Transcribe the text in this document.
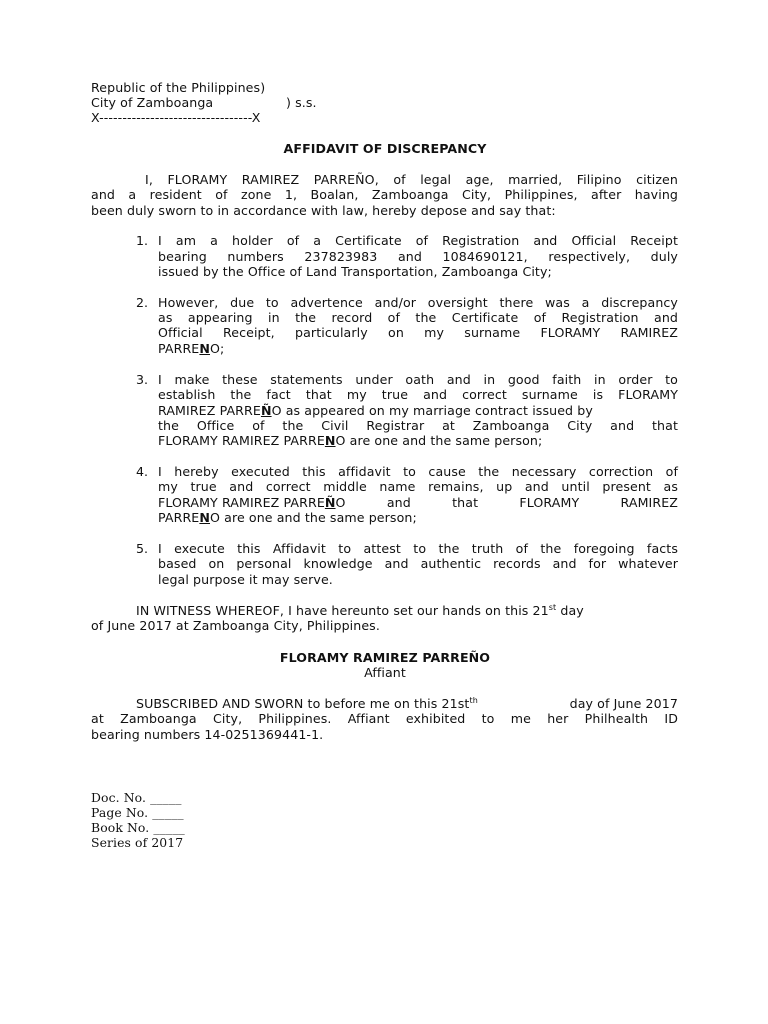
Republic of the Philippines)
City of Zamboanga	) s.s.
X---------------------------------X
AFFIDAVIT OF DISCREPANCY
I, FLORAMY RAMIREZ PARREÑO, of legal age, married, Filipino citizen
and a resident of zone 1, Boalan, Zamboanga City, Philippines, after having
been duly sworn to in accordance with law, hereby depose and say that:
1. I am a holder of a Certificate of Registration and Official Receipt
bearing numbers 237823983 and 1084690121, respectively, duly
issued by the Office of Land Transportation, Zamboanga City;
2. However, due to advertence and/or oversight there was a discrepancy
as appearing in the record of the Certificate of Registration and
Official Receipt, particularly on my surname FLORAMY RAMIREZ
PARRENO;
3. I make these statements under oath and in good faith in order to
establish the fact that my true and correct surname is FLORAMY
RAMIREZ PARREÑO as appeared on my marriage contract issued by
the Office of the Civil Registrar at Zamboanga City and that
FLORAMY RAMIREZ PARRENO are one and the same person;
4. I hereby executed this affidavit to cause the necessary correction of
my true and correct middle name remains, up and until present as
FLORAMY RAMIREZ PARREÑ O and that FLORAMY RAMIREZ
PARRENO are one and the same person;
5. I execute this Affidavit to attest to the truth of the foregoing facts
based on personal knowledge and authentic records and for whatever
legal purpose it may serve.
IN WITNESS WHEREOF, I have hereunto set our hands on this 21st day
of June 2017 at Zamboanga City, Philippines.
FLORAMY RAMIREZ PARREÑO
Affiant
SUBSCRIBED AND SWORN to before me on this $21st^{th}$	day of June 2017
at Zamboanga City, Philippines. Affiant exhibited to me her Philhealth ID
bearing numbers 14-0251369441-1.
Doc. No. _____
Page No. _____
Book No. _____
Series of 2017
